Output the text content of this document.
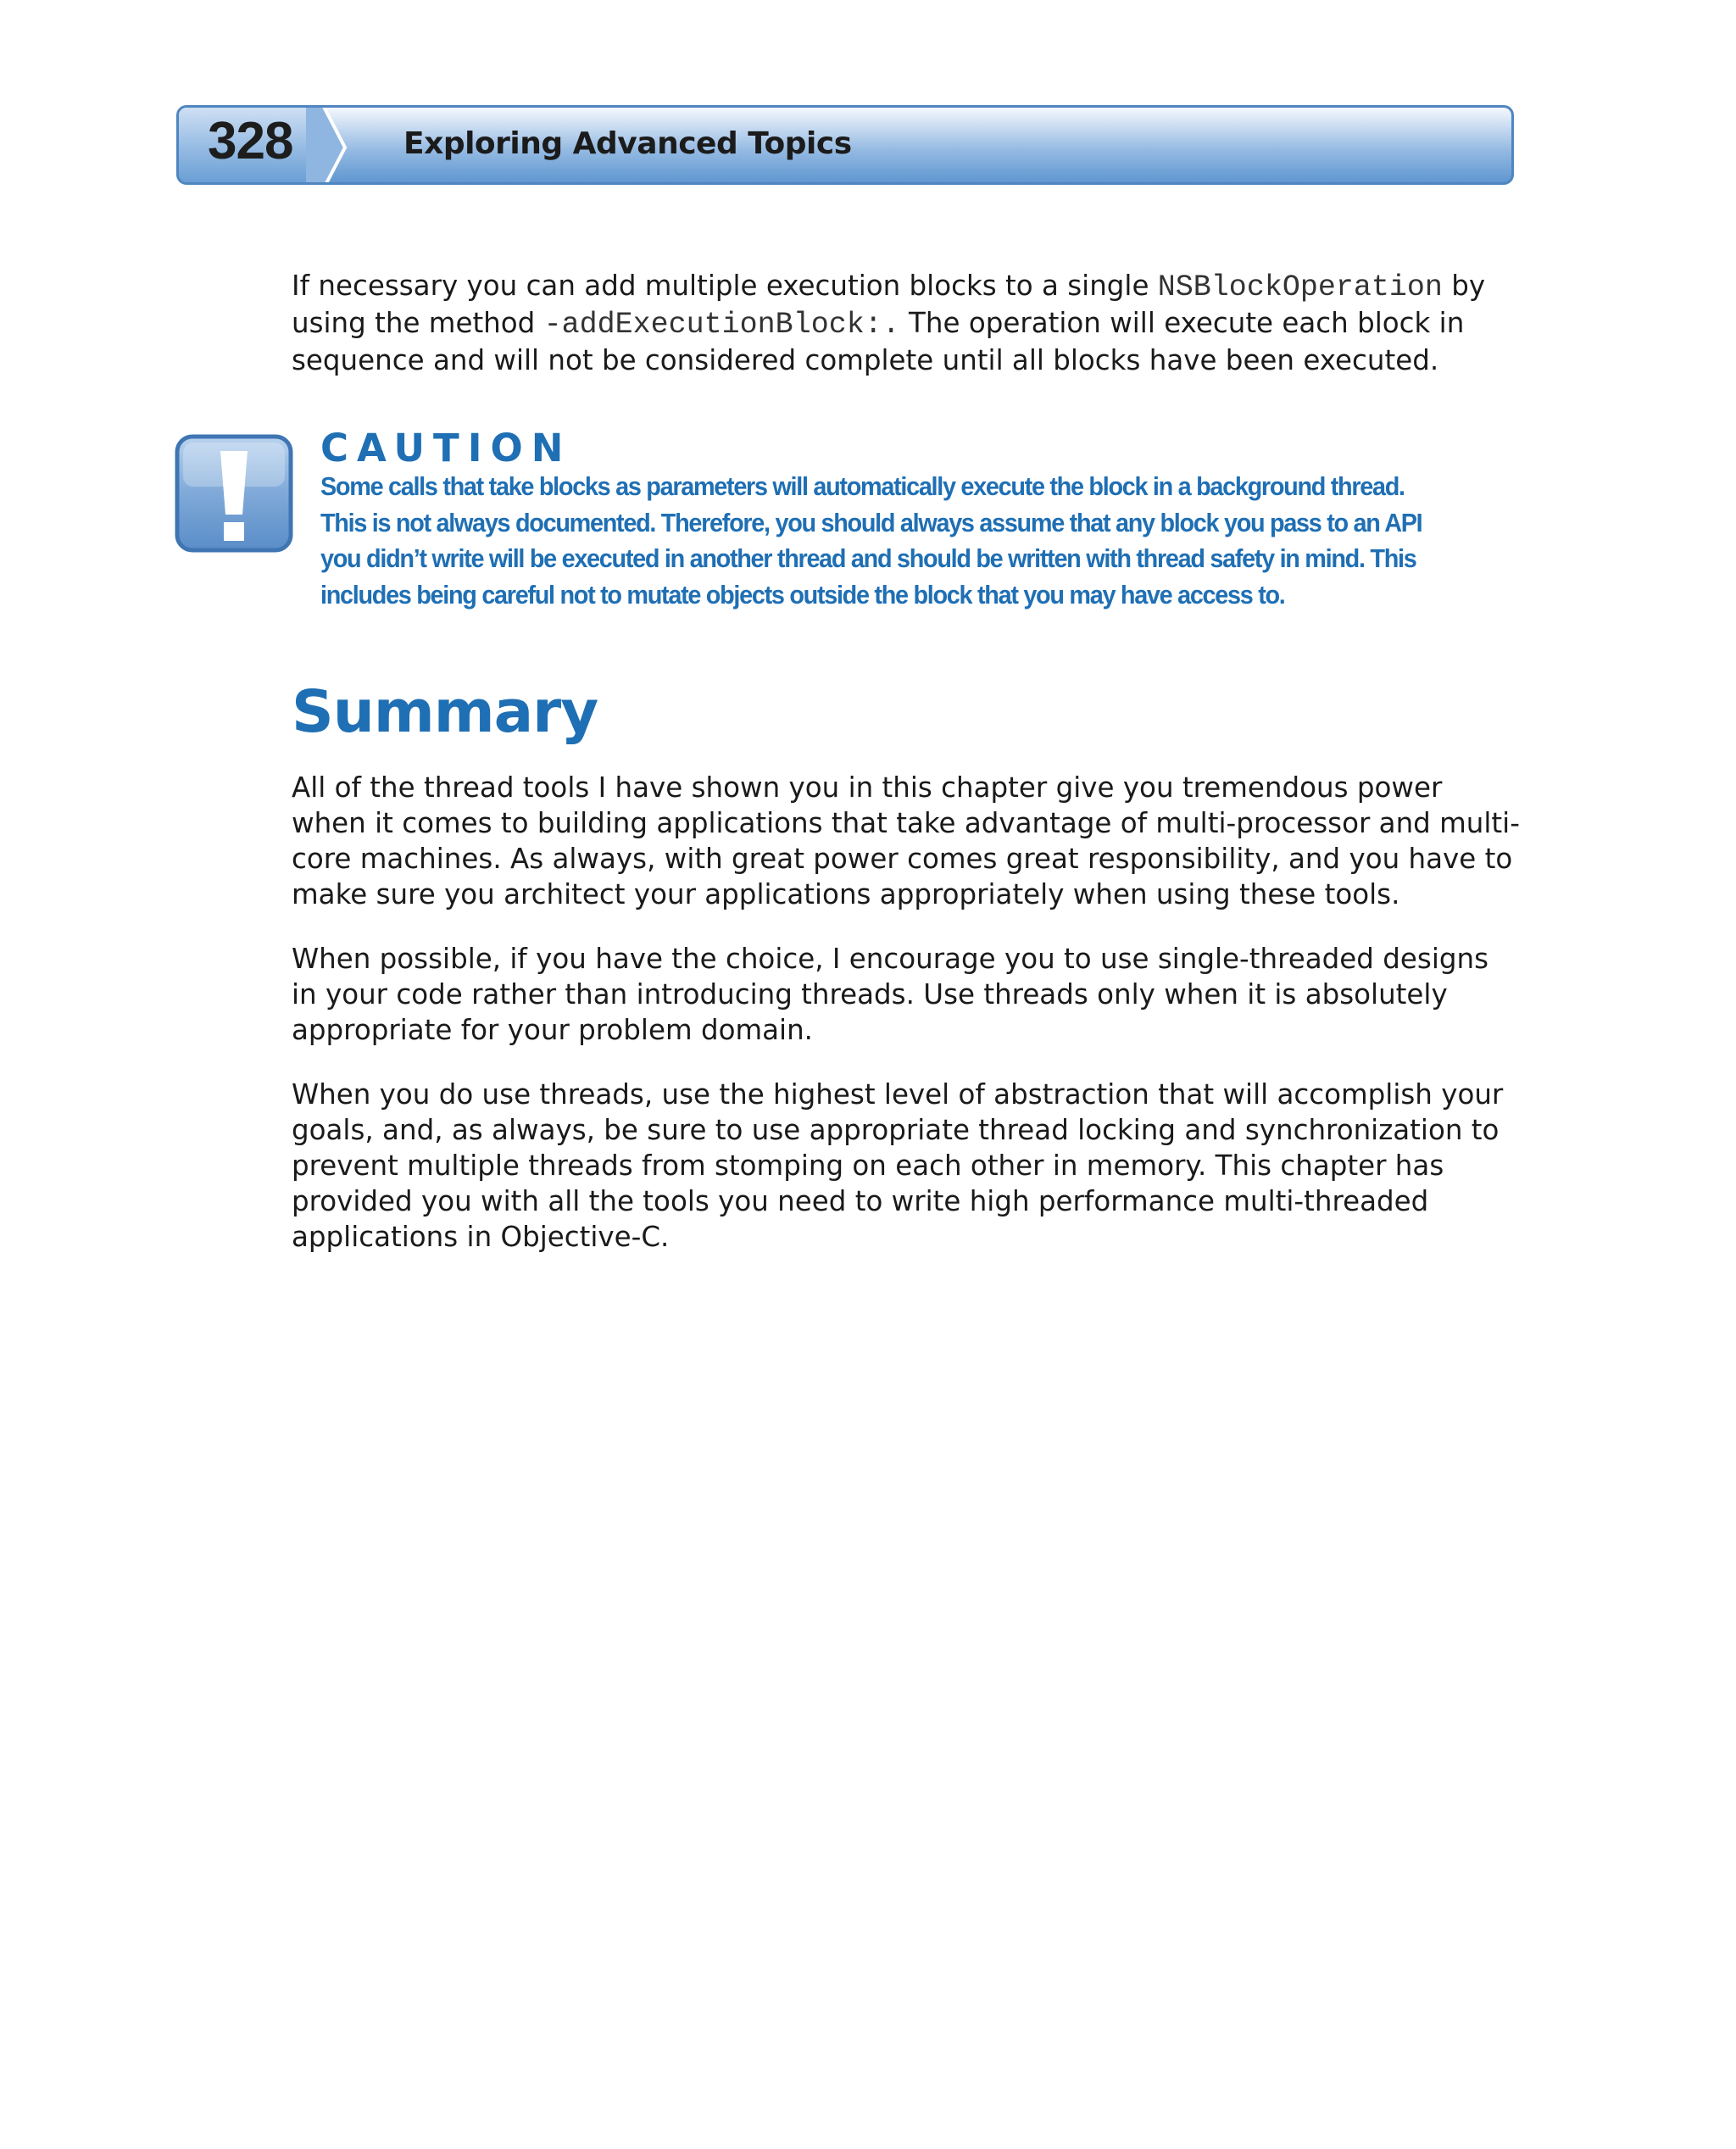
328	Exploring Advanced Topics

If necessary you can add multiple execution blocks to a single NSBlockOperation by using the method -addExecutionBlock:. The operation will execute each block in sequence and will not be considered complete until all blocks have been executed.

CAUTION

Some calls that take blocks as parameters will automatically execute the block in a background thread. This is not always documented. Therefore, you should always assume that any block you pass to an API you didn’t write will be executed in another thread and should be written with thread safety in mind. This includes being careful not to mutate objects outside the block that you may have access to.

Summary

All of the thread tools I have shown you in this chapter give you tremendous power when it comes to building applications that take advantage of multi-processor and multi-core machines. As always, with great power comes great responsibility, and you have to make sure you architect your applications appropriately when using these tools.

When possible, if you have the choice, I encourage you to use single-threaded designs in your code rather than introducing threads. Use threads only when it is absolutely appropriate for your problem domain.

When you do use threads, use the highest level of abstraction that will accomplish your goals, and, as always, be sure to use appropriate thread locking and synchronization to prevent multiple threads from stomping on each other in memory. This chapter has provided you with all the tools you need to write high performance multi-threaded applications in Objective-C.
